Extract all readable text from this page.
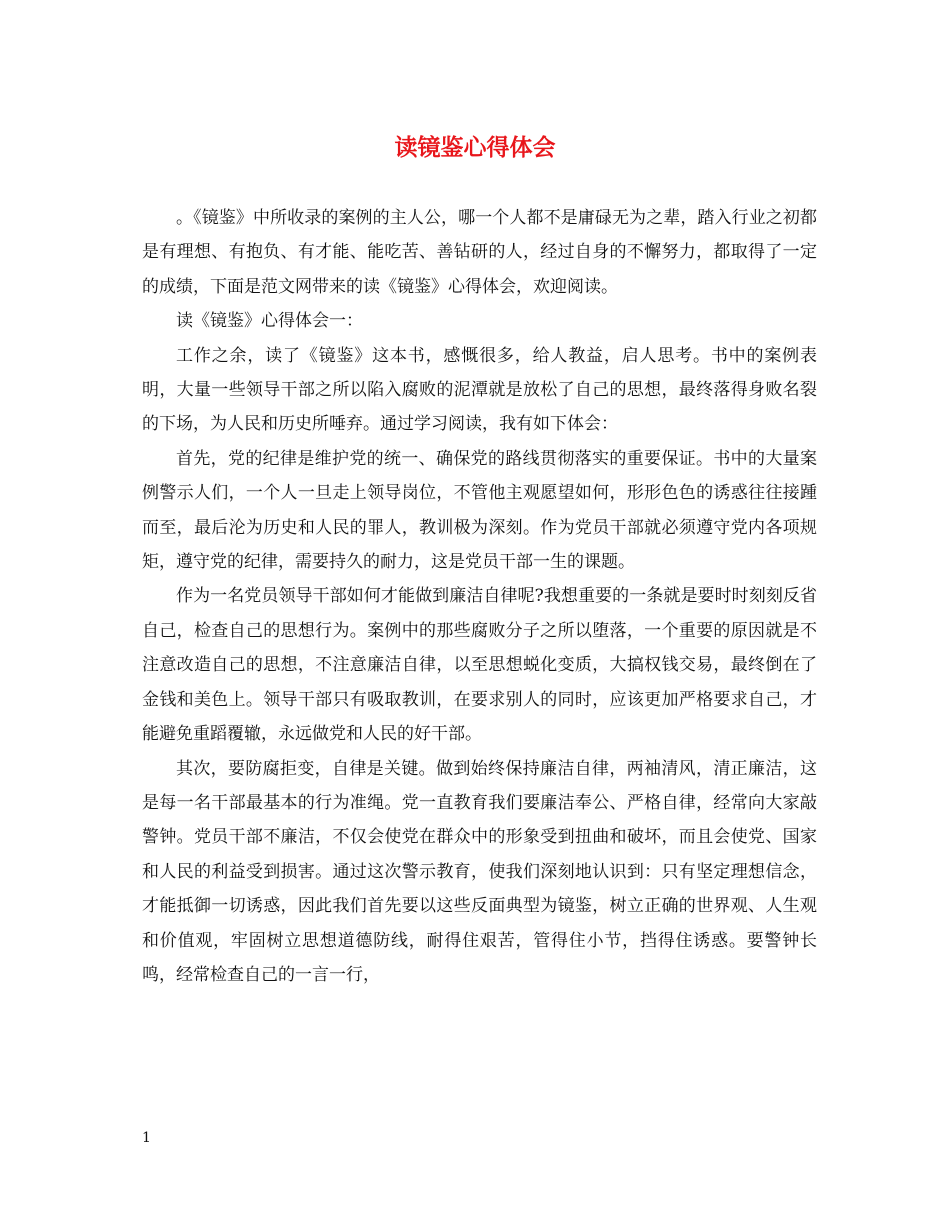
读镜鉴心得体会

。《镜鉴》中所收录的案例的主人公，哪一个人都不是庸碌无为之辈，踏入行业之初都是有理想、有抱负、有才能、能吃苦、善钻研的人，经过自身的不懈努力，都取得了一定的成绩，下面是范文网带来的读《镜鉴》心得体会，欢迎阅读。

读《镜鉴》心得体会一：

工作之余，读了《镜鉴》这本书，感慨很多，给人教益，启人思考。书中的案例表明，大量一些领导干部之所以陷入腐败的泥潭就是放松了自己的思想，最终落得身败名裂的下场，为人民和历史所唾弃。通过学习阅读，我有如下体会：

首先，党的纪律是维护党的统一、确保党的路线贯彻落实的重要保证。书中的大量案例警示人们，一个人一旦走上领导岗位，不管他主观愿望如何，形形色色的诱惑往往接踵而至，最后沦为历史和人民的罪人，教训极为深刻。作为党员干部就必须遵守党内各项规矩，遵守党的纪律，需要持久的耐力，这是党员干部一生的课题。

作为一名党员领导干部如何才能做到廉洁自律呢?我想重要的一条就是要时时刻刻反省自己，检查自己的思想行为。案例中的那些腐败分子之所以堕落，一个重要的原因就是不注意改造自己的思想，不注意廉洁自律，以至思想蜕化变质，大搞权钱交易，最终倒在了金钱和美色上。领导干部只有吸取教训，在要求别人的同时，应该更加严格要求自己，才能避免重蹈覆辙，永远做党和人民的好干部。

其次，要防腐拒变，自律是关键。做到始终保持廉洁自律，两袖清风，清正廉洁，这是每一名干部最基本的行为准绳。党一直教育我们要廉洁奉公、严格自律，经常向大家敲警钟。党员干部不廉洁，不仅会使党在群众中的形象受到扭曲和破坏，而且会使党、国家和人民的利益受到损害。通过这次警示教育，使我们深刻地认识到：只有坚定理想信念，才能抵御一切诱惑，因此我们首先要以这些反面典型为镜鉴，树立正确的世界观、人生观和价值观，牢固树立思想道德防线，耐得住艰苦，管得住小节，挡得住诱惑。要警钟长鸣，经常检查自己的一言一行，

1
